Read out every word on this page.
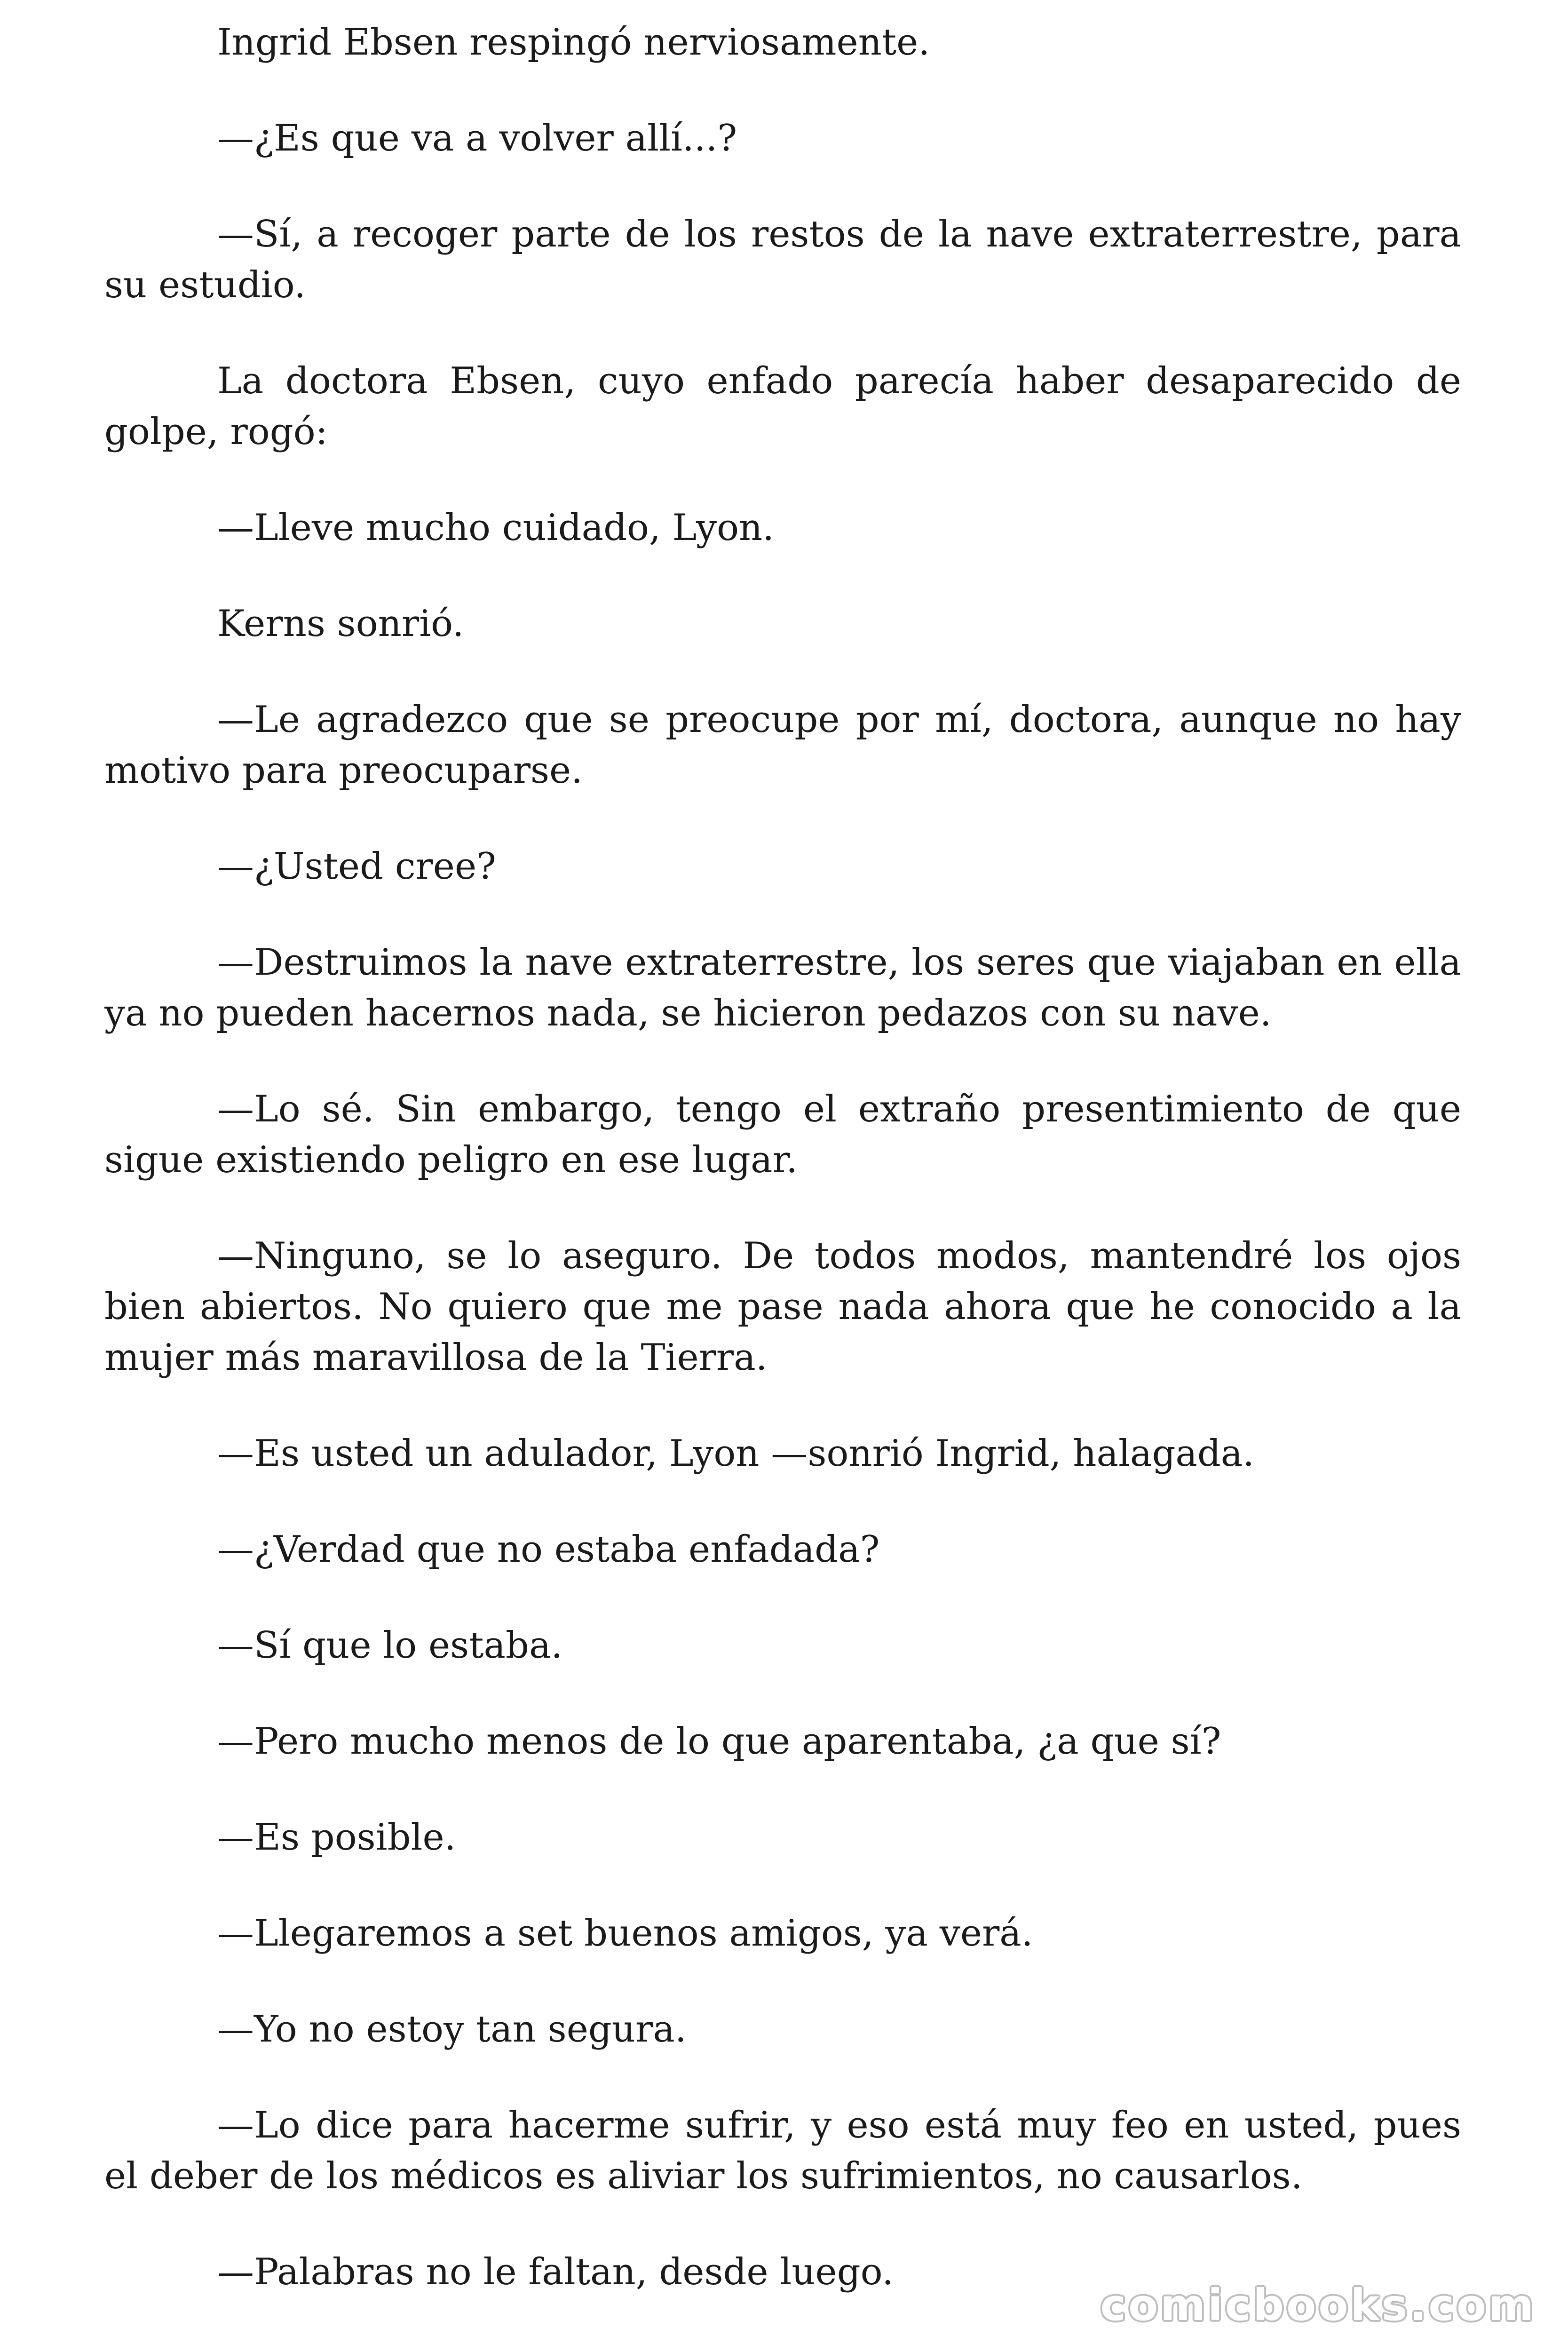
Ingrid Ebsen respingó nerviosamente.

—¿Es que va a volver allí...?

—Sí, a recoger parte de los restos de la nave extraterrestre, para su estudio.

La doctora Ebsen, cuyo enfado parecía haber desaparecido de golpe, rogó:

—Lleve mucho cuidado, Lyon.

Kerns sonrió.

—Le agradezco que se preocupe por mí, doctora, aunque no hay motivo para preocuparse.

—¿Usted cree?

—Destruimos la nave extraterrestre, los seres que viajaban en ella ya no pueden hacernos nada, se hicieron pedazos con su nave.

—Lo sé. Sin embargo, tengo el extraño presentimiento de que sigue existiendo peligro en ese lugar.

—Ninguno, se lo aseguro. De todos modos, mantendré los ojos bien abiertos. No quiero que me pase nada ahora que he conocido a la mujer más maravillosa de la Tierra.

—Es usted un adulador, Lyon —sonrió Ingrid, halagada.

—¿Verdad que no estaba enfadada?

—Sí que lo estaba.

—Pero mucho menos de lo que aparentaba, ¿a que sí?

—Es posible.

—Llegaremos a set buenos amigos, ya verá.

—Yo no estoy tan segura.

—Lo dice para hacerme sufrir, y eso está muy feo en usted, pues el deber de los médicos es aliviar los sufrimientos, no causarlos.

—Palabras no le faltan, desde luego.

comicbooks.com
